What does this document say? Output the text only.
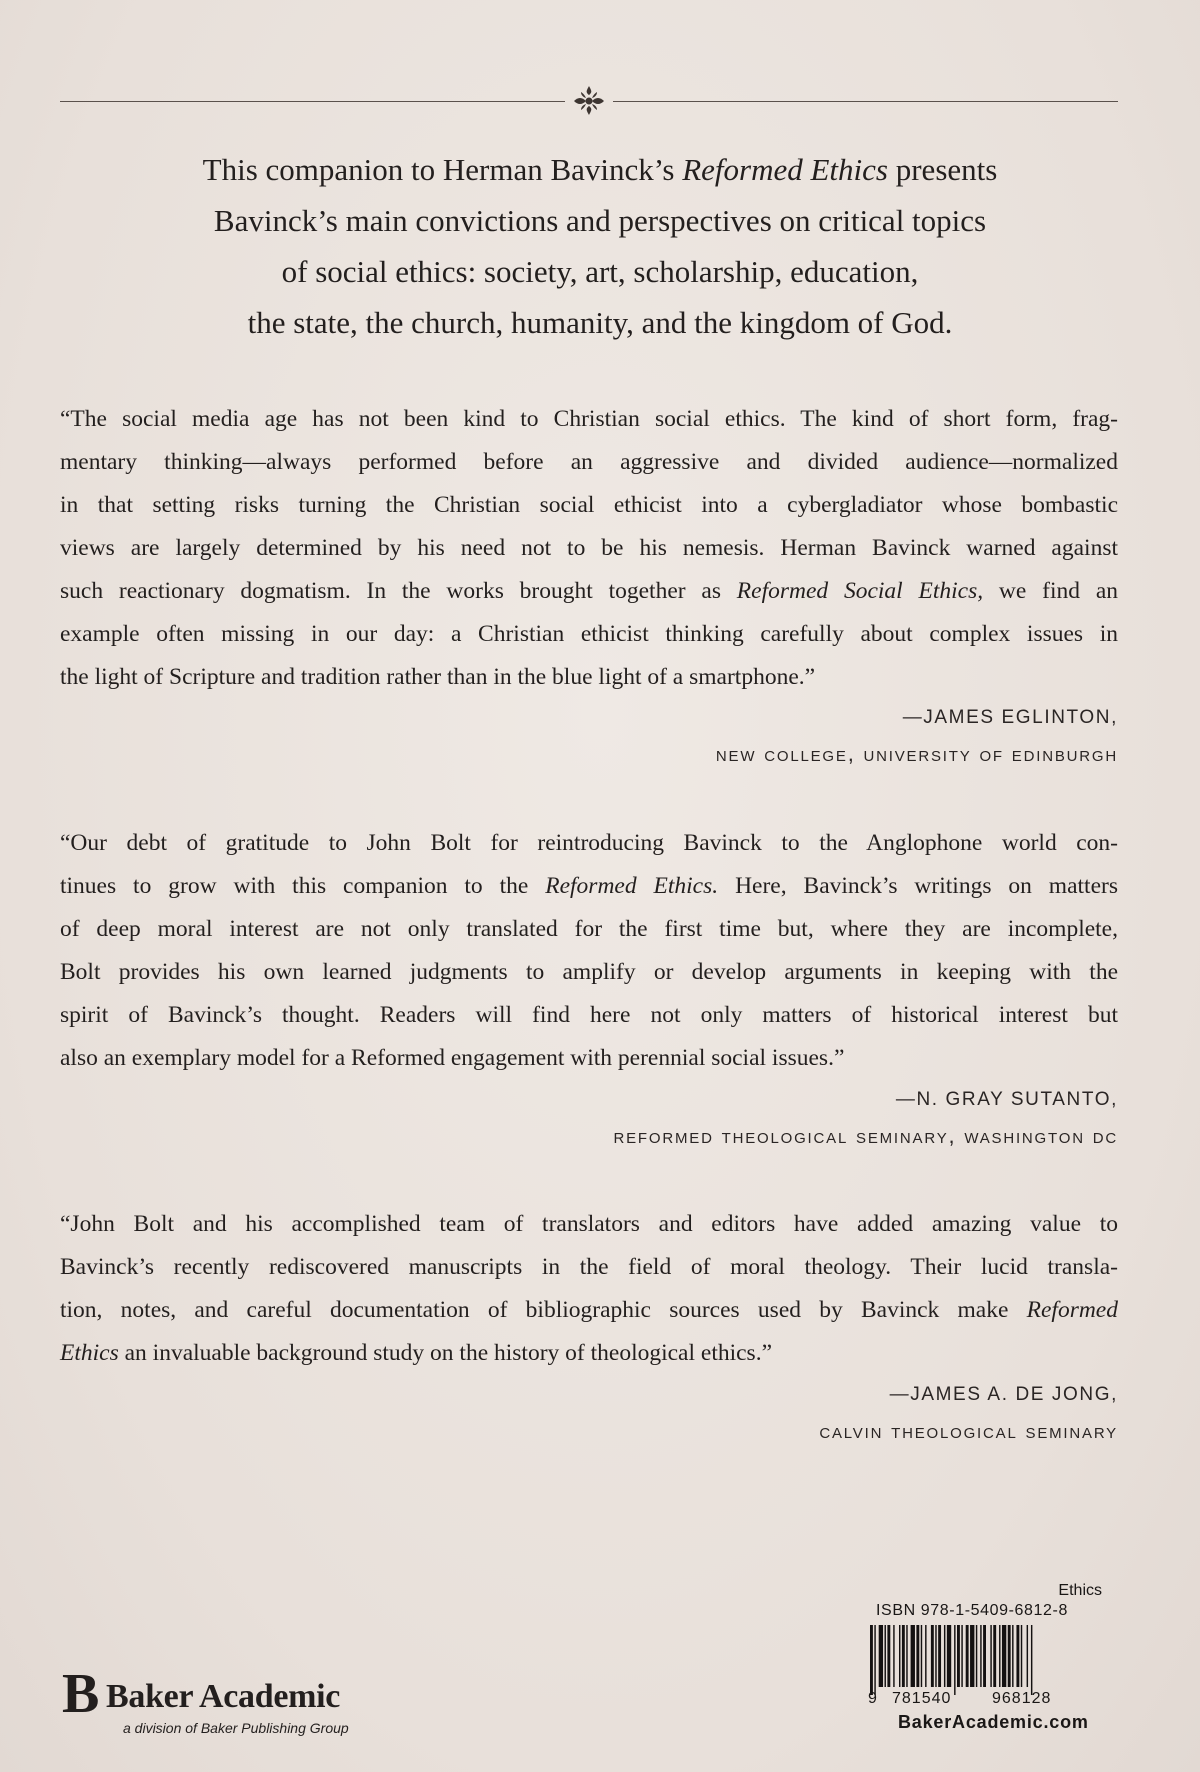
This companion to Herman Bavinck’s Reformed Ethics presents
Bavinck’s main convictions and perspectives on critical topics
of social ethics: society, art, scholarship, education,
the state, the church, humanity, and the kingdom of God.
“The social media age has not been kind to Christian social ethics. The kind of short form, frag-
mentary thinking—always performed before an aggressive and divided audience—normalized
in that setting risks turning the Christian social ethicist into a cybergladiator whose bombastic
views are largely determined by his need not to be his nemesis. Herman Bavinck warned against
such reactionary dogmatism. In the works brought together as Reformed Social Ethics, we find an
example often missing in our day: a Christian ethicist thinking carefully about complex issues in
the light of Scripture and tradition rather than in the blue light of a smartphone.”
—JAMES EGLINTON,
new college, university of edinburgh
“Our debt of gratitude to John Bolt for reintroducing Bavinck to the Anglophone world con-
tinues to grow with this companion to the Reformed Ethics. Here, Bavinck’s writings on matters
of deep moral interest are not only translated for the first time but, where they are incomplete,
Bolt provides his own learned judgments to amplify or develop arguments in keeping with the
spirit of Bavinck’s thought. Readers will find here not only matters of historical interest but
also an exemplary model for a Reformed engagement with perennial social issues.”
—N. GRAY SUTANTO,
reformed theological seminary, washington dc
“John Bolt and his accomplished team of translators and editors have added amazing value to
Bavinck’s recently rediscovered manuscripts in the field of moral theology. Their lucid transla-
tion, notes, and careful documentation of bibliographic sources used by Bavinck make Reformed
Ethics an invaluable background study on the history of theological ethics.”
—JAMES A. DE JONG,
calvin theological seminary
B Baker Academic
a division of Baker Publishing Group
Ethics
ISBN 978-1-5409-6812-8
9 781540	968128
BakerAcademic.com
